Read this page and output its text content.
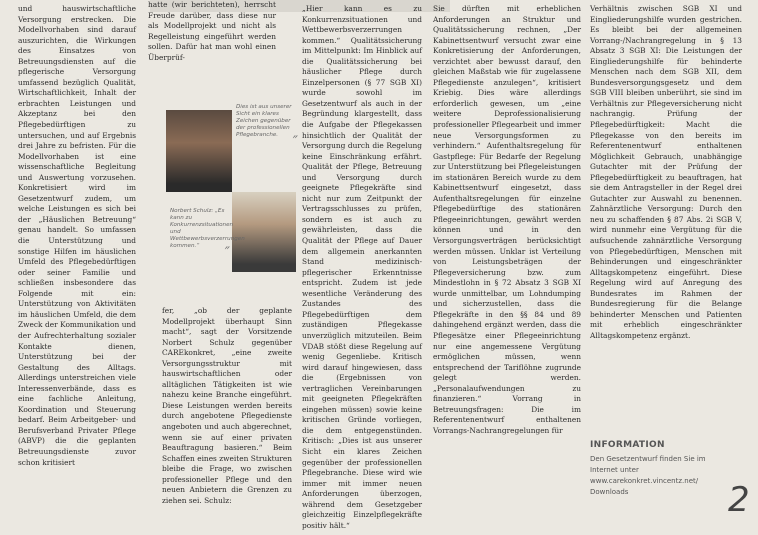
und hauswirtschaftliche Versorgung erstrecken. Die Modellvorhaben sind darauf auszurichten, die Wirkungen des Einsatzes von Betreuungsdiensten auf die pflegerische Versorgung umfassend bezüglich Qualität, Wirtschaftlichkeit, Inhalt der erbrachten Leistungen und Akzeptanz bei den Pflegebedürftigen zu untersuchen, und auf Ergebnis drei Jahre zu befristen. Für die Modellvorhaben ist eine wissenschaftliche Begleitung und Auswertung vorzusehen. Konkretisiert wird im Gesetzentwurf zudem, um welche Leistungen es sich bei der „Häuslichen Betreuung“ genau handelt. So umfassen die Unterstützung und sonstige Hilfen im häuslichen Umfeld des Pflegebedürftigen oder seiner Familie und schließen insbesondere das Folgende mit ein: Unterstützung von Aktivitäten im häuslichen Umfeld, die dem Zweck der Kommunikation und der Aufrechterhaltung sozialer Kontakte dienen, Unterstützung bei der Gestaltung des Alltags. Allerdings unterstreichen viele Interessenverbände, dass es eine fachliche Anleitung, Koordination und Steuerung bedarf. Beim Arbeitgeber- und Berufsverband Privater Pflege (ABVP) die die geplanten Betreuungsdienste zuvor schon kritisiert

hatte (wir berichteten), herrscht Freude darüber, dass diese nur als Modellprojekt und nicht als Regelleistung eingeführt werden sollen. Dafür hat man wohl einen Überprüf-

Dies ist aus unserer Sicht ein klares Zeichen gegenüber der professionellen Pflegebranche.	″
Norbert Schulz: „Es kann zu Konkurrenzsituationen und Wettbewerbsverzerrungen kommen.“	″

fer, „ob der geplante Modellprojekt überhaupt Sinn macht“, sagt der Vorsitzende Norbert Schulz gegenüber CAREkonkret, „eine zweite Versorgungsstruktur mit hauswirtschaftlichen oder alltäglichen Tätigkeiten ist wie nahezu keine Branche eingeführt. Diese Leistungen werden bereits durch angebotene Pflegedienste angeboten und auch abgerechnet, wenn sie auf einer privaten Beauftragung basieren.“ Beim Schaffen eines zweiten Strukturen bleibe die Frage, wo zwischen professioneller Pflege und den neuen Anbietern die Grenzen zu ziehen sei. Schulz:

„Hier kann es zu Konkurrenzsituationen und Wettbewerbsverzerrungen kommen.“ Qualitätssicherung im Mittelpunkt: Im Hinblick auf die Qualitätssicherung bei häuslicher Pflege durch Einzelpersonen (§ 77 SGB XI) wurde sowohl im Gesetzentwurf als auch in der Begründung klargestellt, dass die Aufgabe der Pflegekassen hinsichtlich der Qualität der Versorgung durch die Regelung keine Einschränkung erfährt. Qualität der Pflege, Betreuung und Versorgung durch geeignete Pflegekräfte sind nicht nur zum Zeitpunkt der Vertragsschlusses zu prüfen, sondern es ist auch zu gewährleisten, dass die Qualität der Pflege auf Dauer dem allgemein anerkannten Stand medizinisch-pflegerischer Erkenntnisse entspricht. Zudem ist jede wesentliche Veränderung des Zustandes des Pflegebedürftigen dem zuständigen Pflegekasse unverzüglich mitzuteilen. Beim VDAB stößt diese Regelung auf wenig Gegenliebe. Kritisch wird darauf hingewiesen, dass die (Ergebnissen von vertraglichen Vereinbarungen mit geeigneten Pflegekräften eingehen müssen) sowie keine kritischen Gründe vorliegen, die dem entgegenstünden. Kritisch: „Dies ist aus unserer Sicht ein klares Zeichen gegenüber der professionellen Pflegebranche. Diese wird wie immer mit immer neuen Anforderungen überzogen, während dem Gesetzgeber gleichzeitig Einzelpflegekräfte positiv hält.“

Sie dürften mit erheblichen Anforderungen an Struktur und Qualitätssicherung rechnen, „Der Kabinettsentwurf versucht zwar eine Konkretisierung der Anforderungen, verzichtet aber bewusst darauf, den gleichen Maßstab wie für zugelassene Pflegedienste anzulegen“, kritisiert Kriebig. Dies wäre allerdings erforderlich gewesen, um „eine weitere Deprofessionalisierung professioneller Pflegearbeit und immer neue Versorgungsformen zu verhindern.“ Aufenthaltsregelung für Gastpflege: Für Bedarfe der Regelung zur Unterstützung bei Pflegeleistungen im stationären Bereich wurde zu dem Kabinettsentwurf eingesetzt, dass Aufenthaltsregelungen für einzelne Pflegebedürftige des stationären Pflegeeinrichtungen, gewährt werden können und in den Versorgungsverträgen berücksichtigt werden müssen. Unklar ist Verteilung von Leistungsbeträgen der Pflegeversicherung bzw. zum Mindestlohn in § 72 Absatz 3 SGB XI wurde unmittelbar, um Lohndumping und sicherzustellen, dass die Pflegekräfte in den §§ 84 und 89 dahingehend ergänzt werden, dass die Pflegesätze einer Pflegeeinrichtung nur eine angemessene Vergütung ermöglichen müssen, wenn entsprechend der Tariflöhne zugrunde gelegt werden. „Personalaufwendungen zu finanzieren.“ Vorrang in Betreuungsfragen: Die im Referentenentwurf enthaltenen Vorrangs-Nachrangregelungen für

Verhältnis zwischen SGB XI und Eingliederungshilfe wurden gestrichen. Es bleibt bei der allgemeinen Vorrang-/Nachrangregelung in § 13 Absatz 3 SGB XI: Die Leistungen der Eingliederungshilfe für behinderte Menschen nach dem SGB XII, dem Bundesversorgungsgesetz und dem SGB VIII bleiben unberührt, sie sind im Verhältnis zur Pflegeversicherung nicht nachrangig. Prüfung der Pflegebedürftigkeit: Macht die Pflegekasse von den bereits im Referentenentwurf enthaltenen Möglichkeit Gebrauch, unabhängige Gutachter mit der Prüfung der Pflegebedürftigkeit zu beauftragen, hat sie dem Antragsteller in der Regel drei Gutachter zur Auswahl zu benennen. Zahnärztliche Versorgung: Durch den neu zu schaffenden § 87 Abs. 2i SGB V, wird nunmehr eine Vergütung für die aufsuchende zahnärztliche Versorgung von Pflegebedürftigen, Menschen mit Behinderungen und eingeschränkter Alltagskompetenz eingeführt. Diese Regelung wird auf Anregung des Bundesrates im Rahmen der Bundesregierung für die Belange behinderter Menschen und Patienten mit erheblich eingeschränkter Alltagskompetenz ergänzt.

INFORMATION
Den Gesetzentwurf finden Sie im Internet unter www.carekonkret.vincentz.net/ Downloads	2
